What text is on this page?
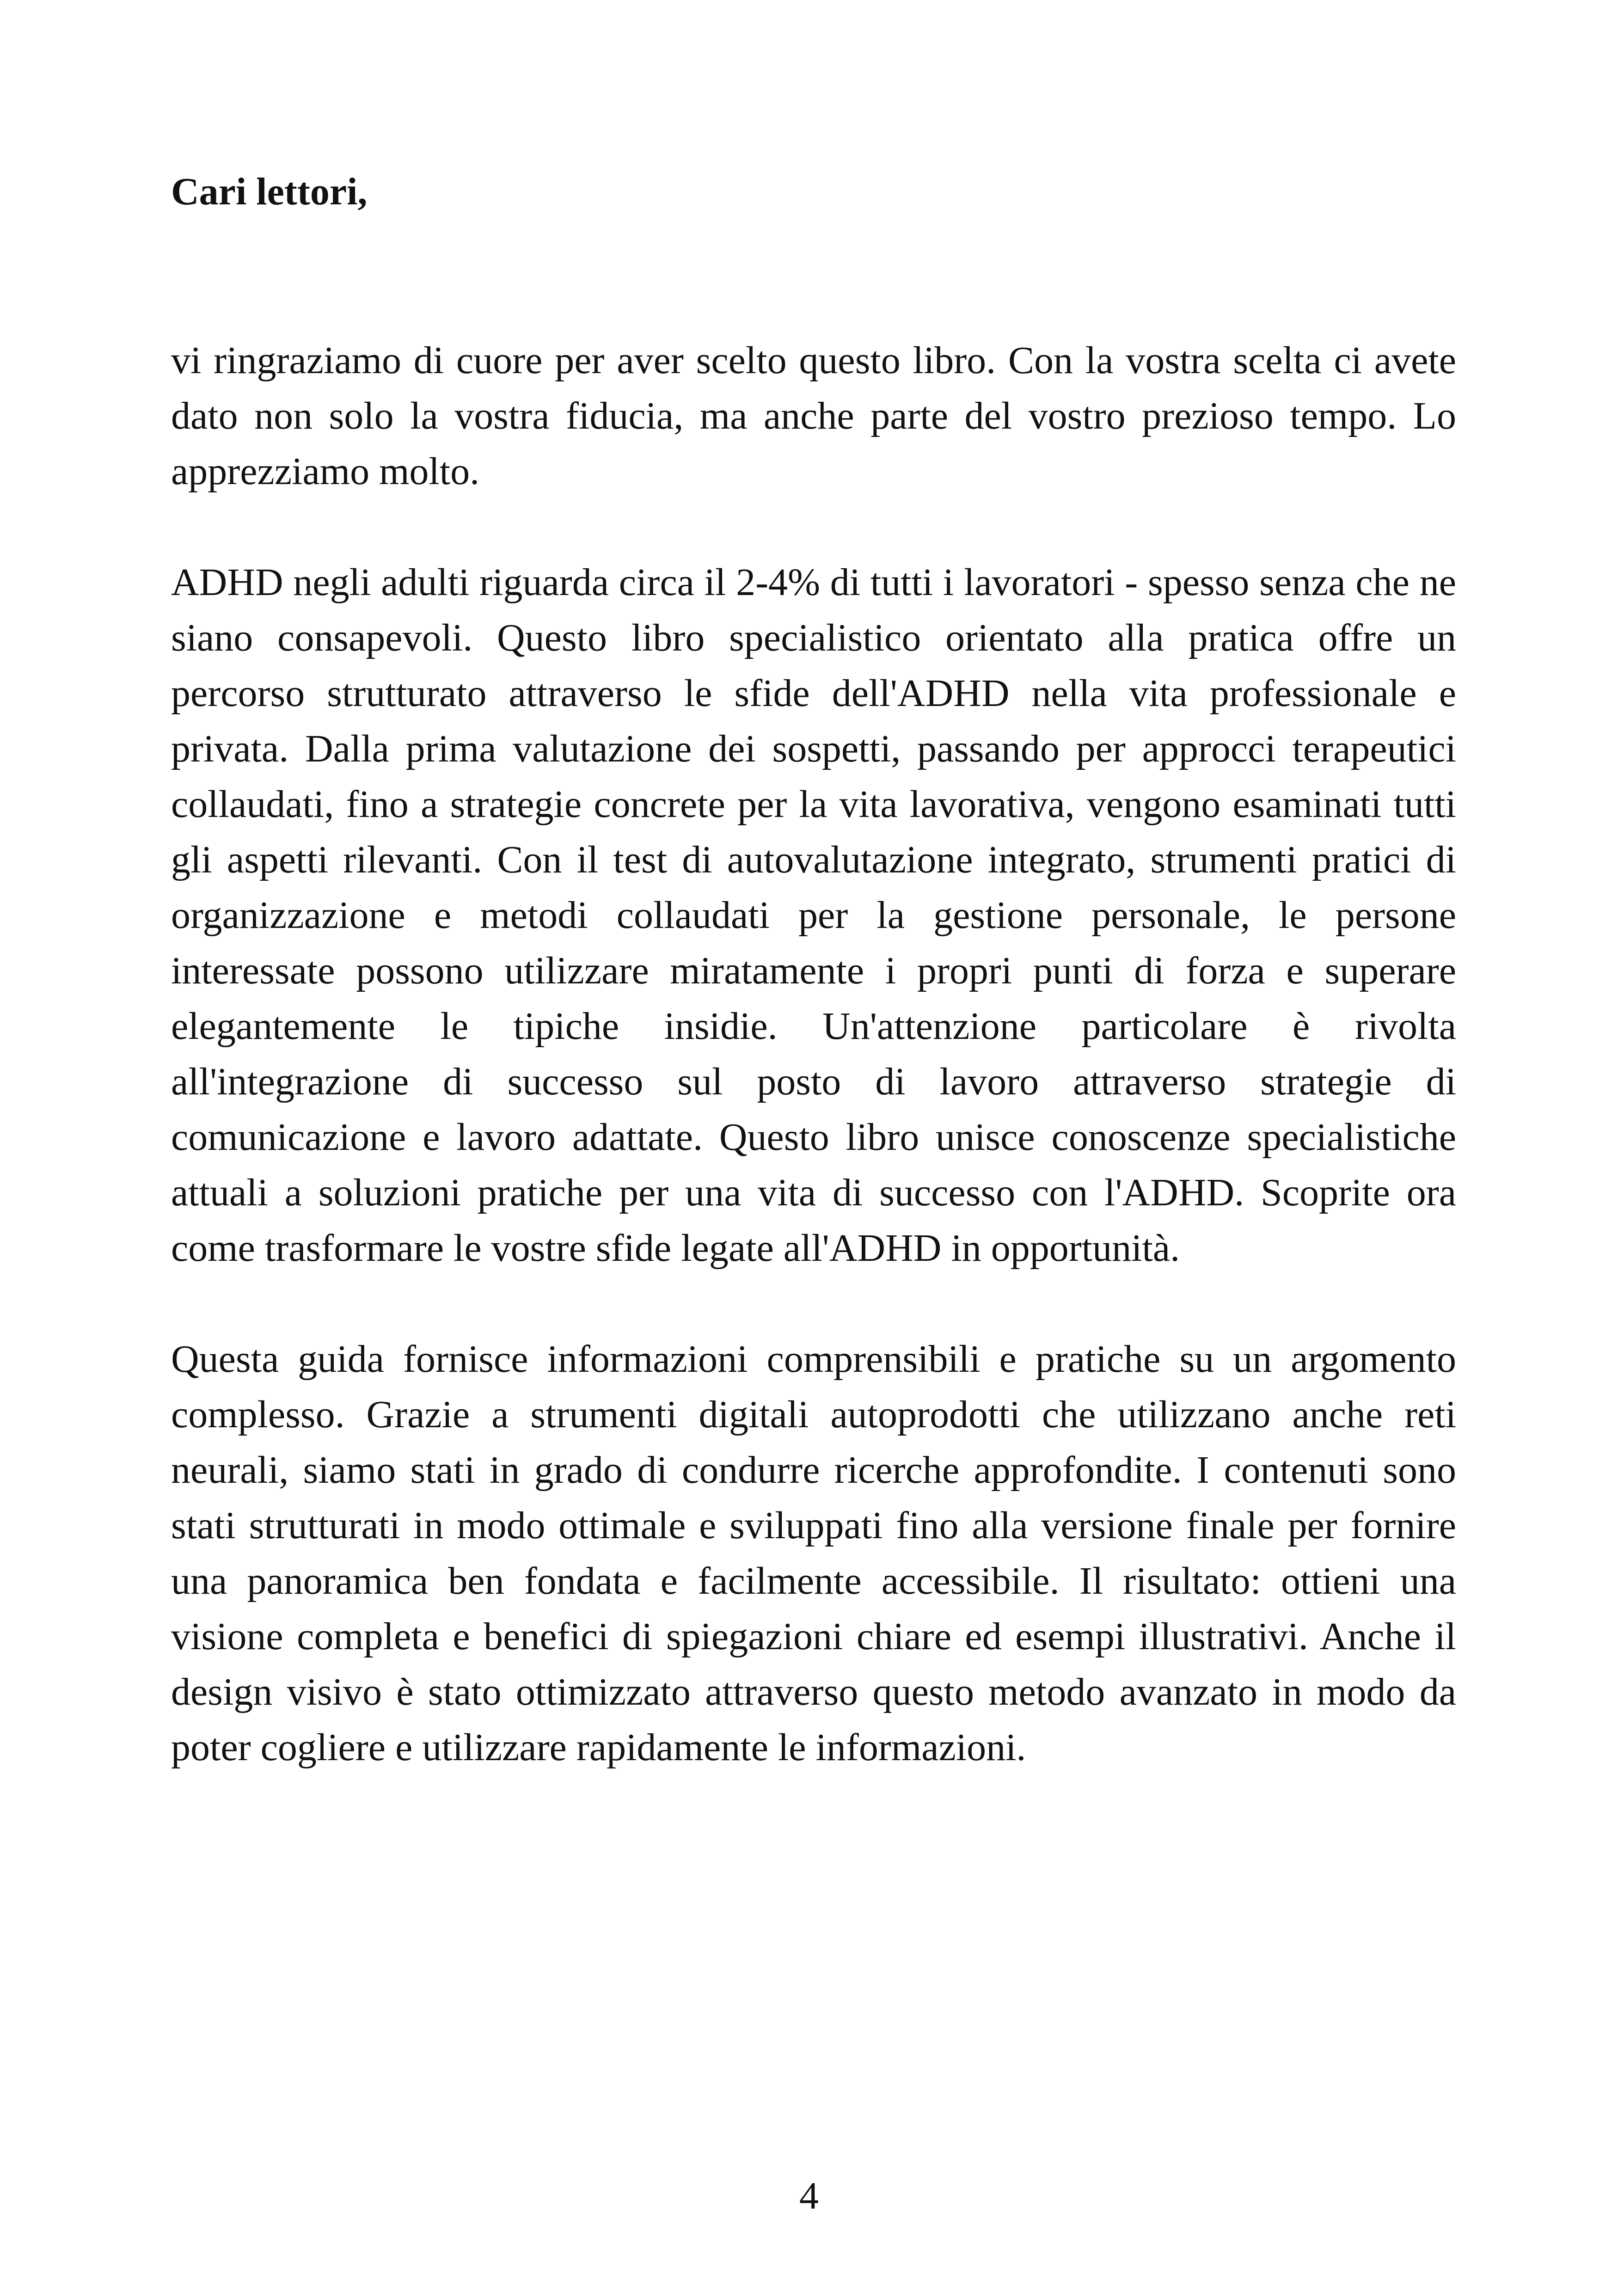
Cari lettori,

vi ringraziamo di cuore per aver scelto questo libro. Con la vostra scelta ci avete dato non solo la vostra fiducia, ma anche parte del vostro prezioso tempo. Lo apprezziamo molto.

ADHD negli adulti riguarda circa il 2-4% di tutti i lavoratori - spesso senza che ne siano consapevoli. Questo libro specialistico orientato alla pratica offre un percorso strutturato attraverso le sfide dell'ADHD nella vita professionale e privata. Dalla prima valutazione dei sospetti, passando per approcci terapeutici collaudati, fino a strategie concrete per la vita lavorativa, vengono esaminati tutti gli aspetti rilevanti. Con il test di autovalutazione integrato, strumenti pratici di organizzazione e metodi collaudati per la gestione personale, le persone interessate possono utilizzare miratamente i propri punti di forza e superare elegantemente le tipiche insidie. Un'attenzione particolare è rivolta all'integrazione di successo sul posto di lavoro attraverso strategie di comunicazione e lavoro adattate. Questo libro unisce conoscenze specialistiche attuali a soluzioni pratiche per una vita di successo con l'ADHD. Scoprite ora come trasformare le vostre sfide legate all'ADHD in opportunità.

Questa guida fornisce informazioni comprensibili e pratiche su un argomento complesso. Grazie a strumenti digitali autoprodotti che utilizzano anche reti neurali, siamo stati in grado di condurre ricerche approfondite. I contenuti sono stati strutturati in modo ottimale e sviluppati fino alla versione finale per fornire una panoramica ben fondata e facilmente accessibile. Il risultato: ottieni una visione completa e benefici di spiegazioni chiare ed esempi illustrativi. Anche il design visivo è stato ottimizzato attraverso questo metodo avanzato in modo da poter cogliere e utilizzare rapidamente le informazioni.

4
